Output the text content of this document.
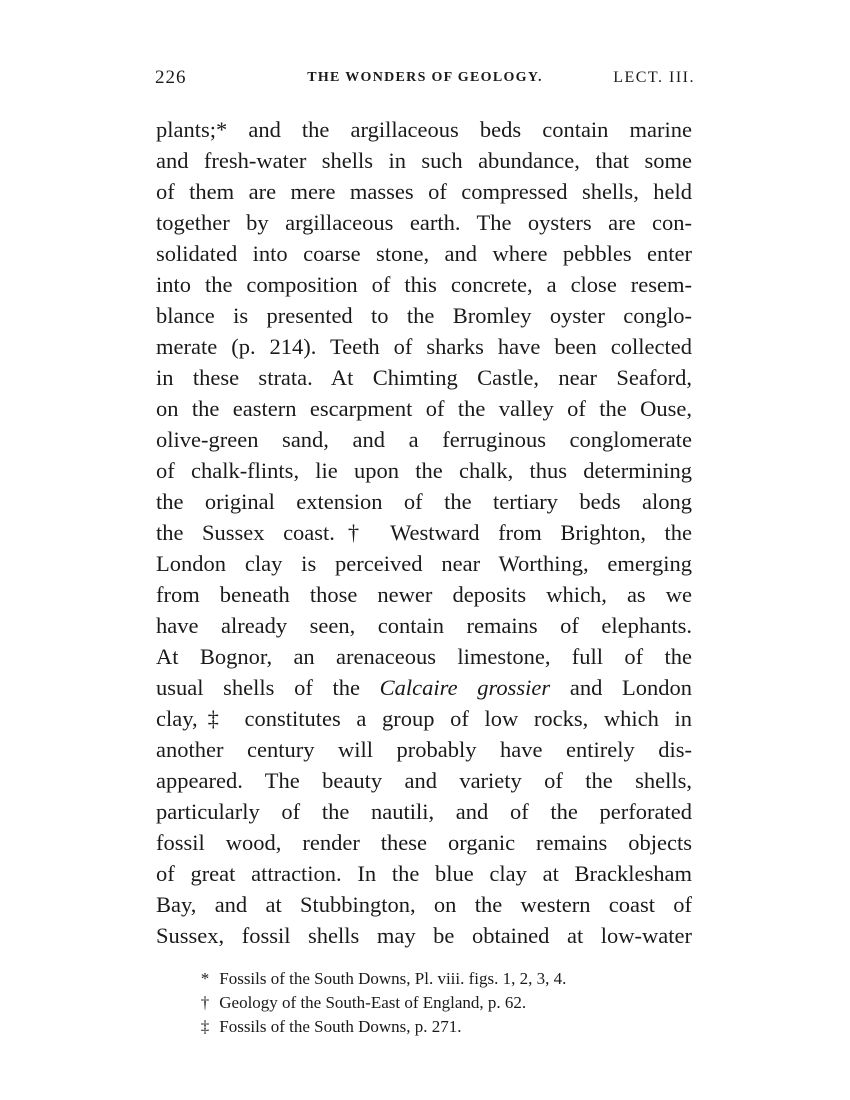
226	THE WONDERS OF GEOLOGY.	LECT. III.
plants;* and the argillaceous beds contain marine
and fresh-water shells in such abundance, that some
of them are mere masses of compressed shells, held
together by argillaceous earth. The oysters are con-
solidated into coarse stone, and where pebbles enter
into the composition of this concrete, a close resem-
blance is presented to the Bromley oyster conglo-
merate (p. 214). Teeth of sharks have been collected
in these strata. At Chimting Castle, near Seaford,
on the eastern escarpment of the valley of the Ouse,
olive-green sand, and a ferruginous conglomerate
of chalk-flints, lie upon the chalk, thus determining
the original extension of the tertiary beds along
the Sussex coast.† Westward from Brighton, the
London clay is perceived near Worthing, emerging
from beneath those newer deposits which, as we
have already seen, contain remains of elephants.
At Bognor, an arenaceous limestone, full of the
usual shells of the Calcaire grossier and London
clay,‡ constitutes a group of low rocks, which in
another century will probably have entirely dis-
appeared. The beauty and variety of the shells,
particularly of the nautili, and of the perforated
fossil wood, render these organic remains objects
of great attraction. In the blue clay at Bracklesham
Bay, and at Stubbington, on the western coast of
Sussex, fossil shells may be obtained at low-water
* Fossils of the South Downs, Pl. viii. figs. 1, 2, 3, 4.
† Geology of the South-East of England, p. 62.
‡ Fossils of the South Downs, p. 271.
